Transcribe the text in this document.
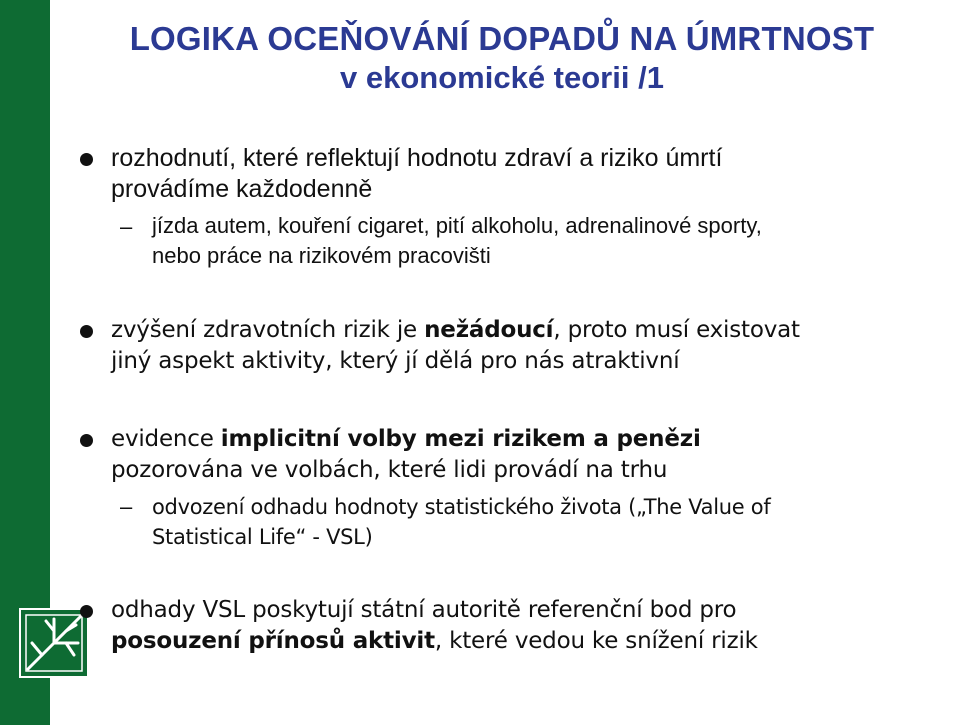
LOGIKA OCEŇOVÁNÍ DOPADŮ NA ÚMRTNOST
v ekonomické teorii /1
rozhodnutí, které reflektují hodnotu zdraví a riziko úmrtí
provádíme každodenně
– jízda autem, kouření cigaret, pití alkoholu, adrenalinové sporty,
nebo práce na rizikovém pracovišti
zvýšení zdravotních rizik je nežádoucí, proto musí existovat
jiný aspekt aktivity, který jí dělá pro nás atraktivní
evidence implicitní volby mezi rizikem a penězi
pozorována ve volbách, které lidi provádí na trhu
– odvození odhadu hodnoty statistického života („The Value of
Statistical Life“ - VSL)
odhady VSL poskytují státní autoritě referenční bod pro
posouzení přínosů aktivit, které vedou ke snížení rizik
